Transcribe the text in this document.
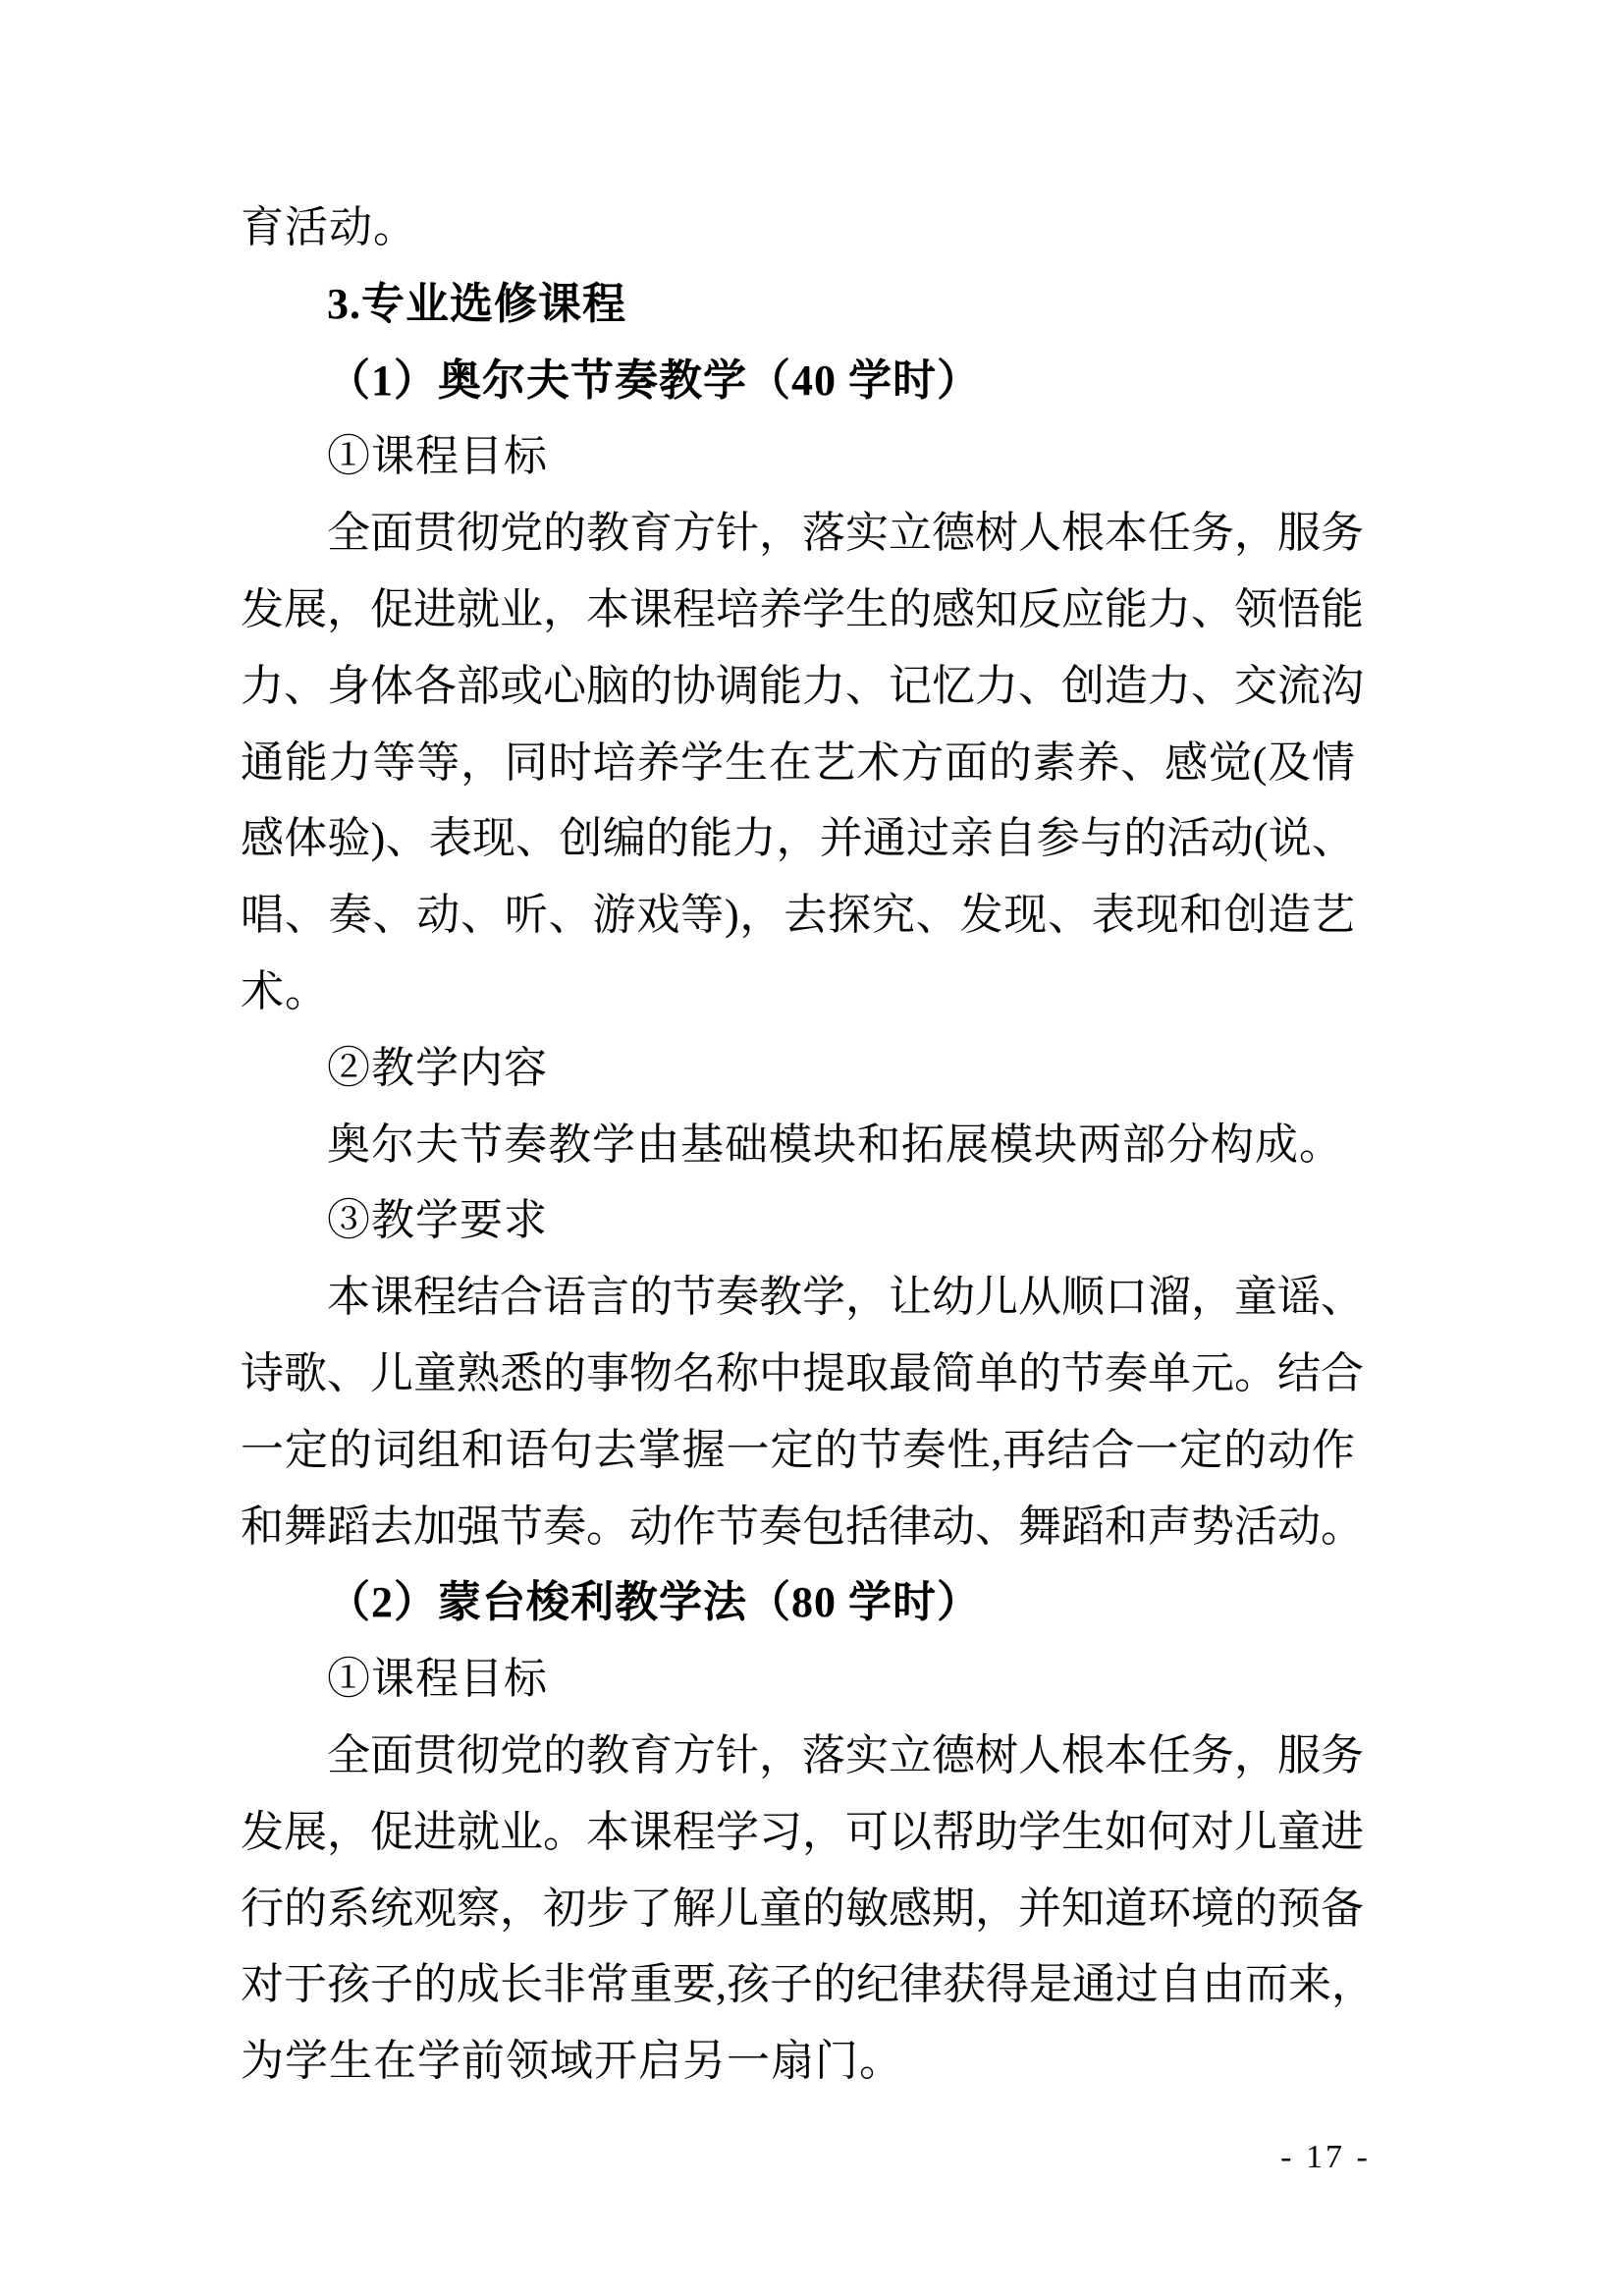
育活动。
3.专业选修课程
（1）奥尔夫节奏教学（40 学时）
①课程目标
全面贯彻党的教育方针，落实立德树人根本任务，服务
发展，促进就业，本课程培养学生的感知反应能力、领悟能
力、身体各部或心脑的协调能力、记忆力、创造力、交流沟
通能力等等，同时培养学生在艺术方面的素养、感觉(及情
感体验)、表现、创编的能力，并通过亲自参与的活动(说、
唱、奏、动、听、游戏等)，去探究、发现、表现和创造艺
术。
②教学内容
奥尔夫节奏教学由基础模块和拓展模块两部分构成。
③教学要求
本课程结合语言的节奏教学，让幼儿从顺口溜，童谣、
诗歌、儿童熟悉的事物名称中提取最简单的节奏单元。结合
一定的词组和语句去掌握一定的节奏性,再结合一定的动作
和舞蹈去加强节奏。动作节奏包括律动、舞蹈和声势活动。
（2）蒙台梭利教学法（80 学时）
①课程目标
全面贯彻党的教育方针，落实立德树人根本任务，服务
发展，促进就业。本课程学习，可以帮助学生如何对儿童进
行的系统观察，初步了解儿童的敏感期，并知道环境的预备
对于孩子的成长非常重要,孩子的纪律获得是通过自由而来，
为学生在学前领域开启另一扇门。
- 17 -
